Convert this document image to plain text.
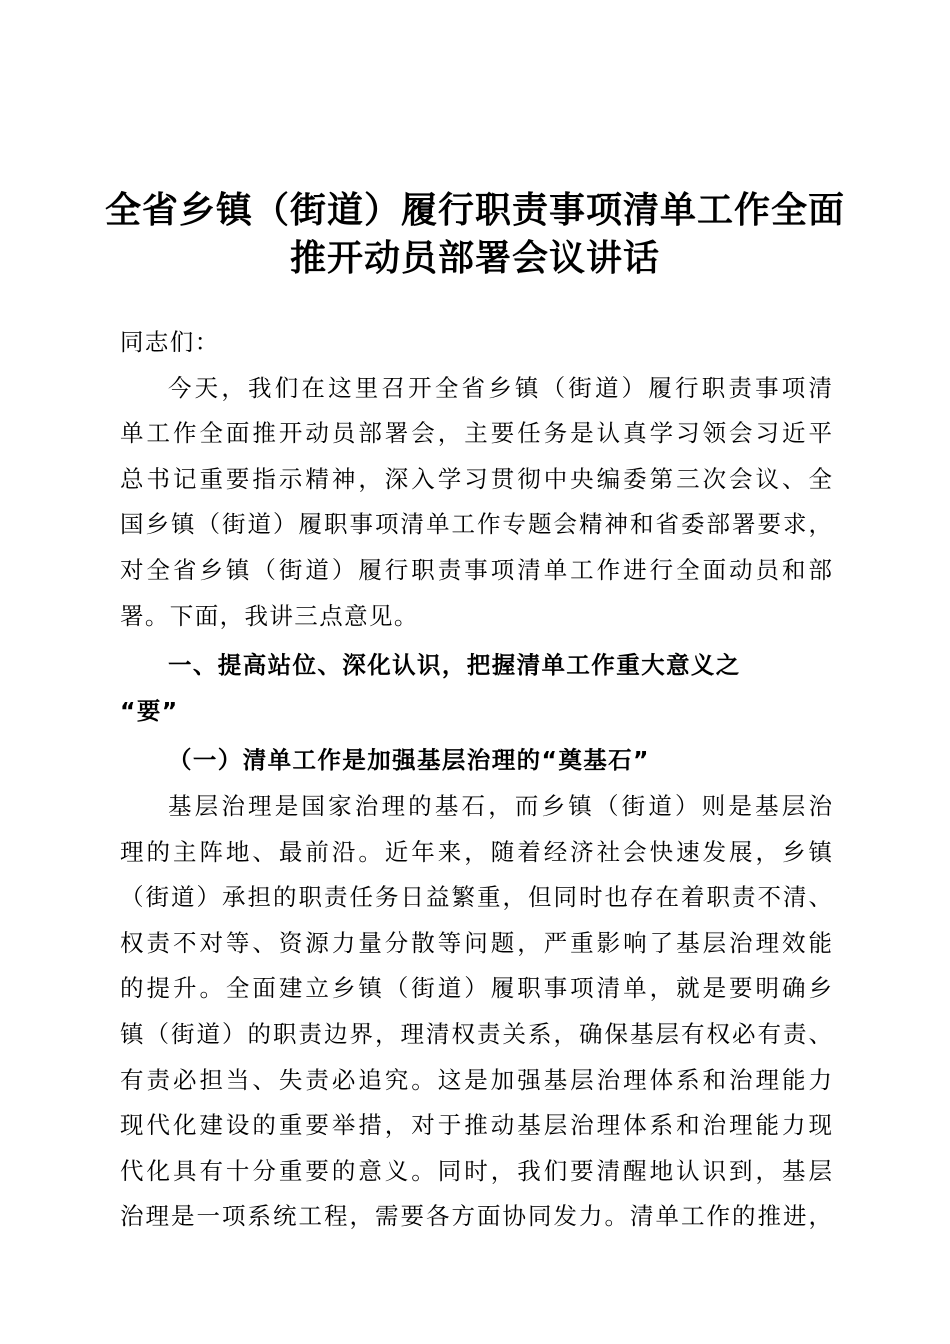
全省乡镇（街道）履行职责事项清单工作全面
推开动员部署会议讲话
同志们：
今天，我们在这里召开全省乡镇（街道）履行职责事项清
单工作全面推开动员部署会，主要任务是认真学习领会习近平
总书记重要指示精神，深入学习贯彻中央编委第三次会议、全
国乡镇（街道）履职事项清单工作专题会精神和省委部署要求，
对全省乡镇（街道）履行职责事项清单工作进行全面动员和部
署。下面，我讲三点意见。
一、提高站位、深化认识，把握清单工作重大意义之
“要”
（一）清单工作是加强基层治理的“奠基石”
基层治理是国家治理的基石，而乡镇（街道）则是基层治
理的主阵地、最前沿。近年来，随着经济社会快速发展，乡镇
（街道）承担的职责任务日益繁重，但同时也存在着职责不清、
权责不对等、资源力量分散等问题，严重影响了基层治理效能
的提升。全面建立乡镇（街道）履职事项清单，就是要明确乡
镇（街道）的职责边界，理清权责关系，确保基层有权必有责、
有责必担当、失责必追究。这是加强基层治理体系和治理能力
现代化建设的重要举措，对于推动基层治理体系和治理能力现
代化具有十分重要的意义。同时，我们要清醒地认识到，基层
治理是一项系统工程，需要各方面协同发力。清单工作的推进，
